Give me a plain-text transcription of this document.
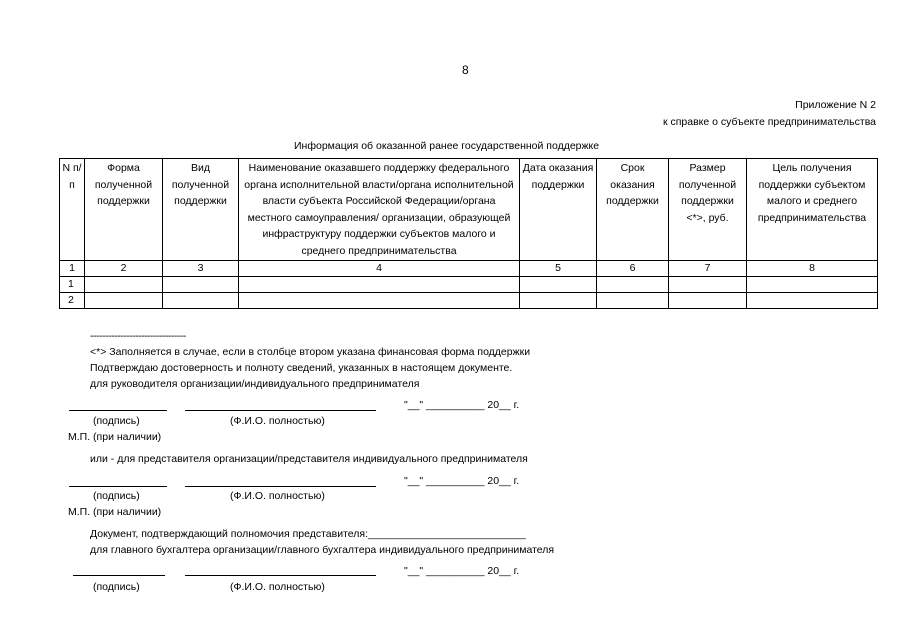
8
Приложение N 2
к справке о субъекте предпринимательства
Информация об оказанной ранее государственной поддержке
N п/п	Форма полученной поддержки	Вид полученной поддержки	Наименование оказавшего поддержку федерального органа исполнительной власти/органа исполнительной власти субъекта Российской Федерации/органа местного самоуправления/ организации, образующей инфраструктуру поддержки субъектов малого и среднего предпринимательства	Дата оказания поддержки	Срок оказания поддержки	Размер полученной поддержки <*>, руб.	Цель получения поддержки субъектом малого и среднего предпринимательства
1	2	3	4	5	6	7	8
1							
2							
--------------------------------
<*> Заполняется в случае, если в столбце втором указана финансовая форма поддержки
Подтверждаю достоверность и полноту сведений, указанных в настоящем документе.
для руководителя организации/индивидуального предпринимателя
"__" __________ 20__ г.
(подпись)	(Ф.И.О. полностью)
М.П. (при наличии)
или - для представителя организации/представителя индивидуального предпринимателя
"__" __________ 20__ г.
(подпись)	(Ф.И.О. полностью)
М.П. (при наличии)
Документ, подтверждающий полномочия представителя:___________________________
для главного бухгалтера организации/главного бухгалтера индивидуального предпринимателя
"__" __________ 20__ г.
(подпись)	(Ф.И.О. полностью)
